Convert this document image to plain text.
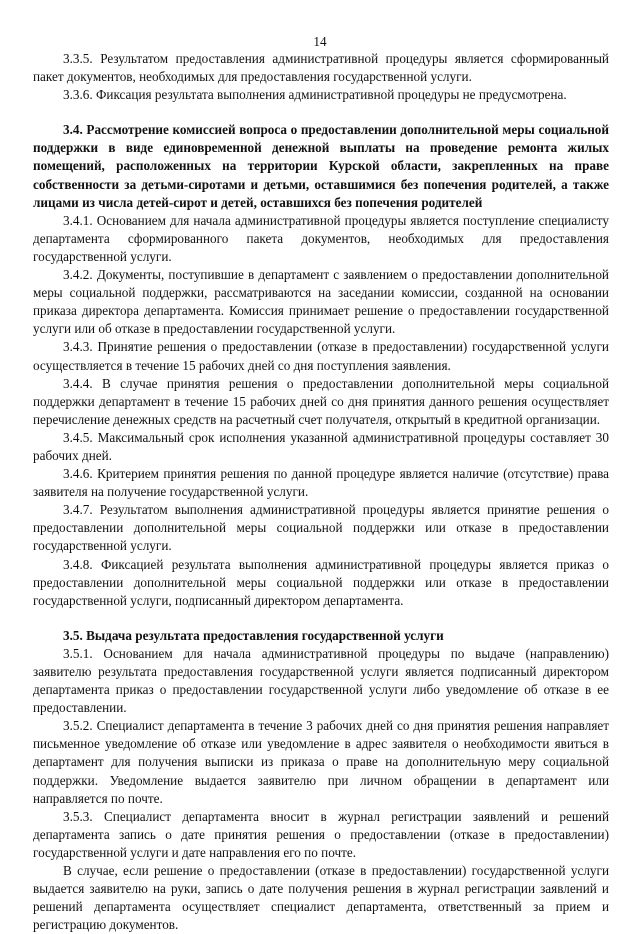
14

3.3.5. Результатом предоставления административной процедуры является сформированный пакет документов, необходимых для предоставления государственной услуги.

3.3.6. Фиксация результата выполнения административной процедуры не предусмотрена.

3.4. Рассмотрение комиссией вопроса о предоставлении дополнительной меры социальной поддержки в виде единовременной денежной выплаты на проведение ремонта жилых помещений, расположенных на территории Курской области, закрепленных на праве собственности за детьми-сиротами и детьми, оставшимися без попечения родителей, а также лицами из числа детей-сирот и детей, оставшихся без попечения родителей

3.4.1. Основанием для начала административной процедуры является поступление специалисту департамента сформированного пакета документов, необходимых для предоставления государственной услуги.

3.4.2. Документы, поступившие в департамент с заявлением о предоставлении дополнительной меры социальной поддержки, рассматриваются на заседании комиссии, созданной на основании приказа директора департамента. Комиссия принимает решение о предоставлении государственной услуги или об отказе в предоставлении государственной услуги.

3.4.3. Принятие решения о предоставлении (отказе в предоставлении) государственной услуги осуществляется в течение 15 рабочих дней со дня поступления заявления.

3.4.4. В случае принятия решения о предоставлении дополнительной меры социальной поддержки департамент в течение 15 рабочих дней со дня принятия данного решения осуществляет перечисление денежных средств на расчетный счет получателя, открытый в кредитной организации.

3.4.5. Максимальный срок исполнения указанной административной процедуры составляет 30 рабочих дней.

3.4.6. Критерием принятия решения по данной процедуре является наличие (отсутствие) права заявителя на получение государственной услуги.

3.4.7. Результатом выполнения административной процедуры является принятие решения о предоставлении дополнительной меры социальной поддержки или отказе в предоставлении государственной услуги.

3.4.8. Фиксацией результата выполнения административной процедуры является приказ о предоставлении дополнительной меры социальной поддержки или отказе в предоставлении государственной услуги, подписанный директором департамента.

3.5. Выдача результата предоставления государственной услуги

3.5.1. Основанием для начала административной процедуры по выдаче (направлению) заявителю результата предоставления государственной услуги является подписанный директором департамента приказ о предоставлении государственной услуги либо уведомление об отказе в ее предоставлении.

3.5.2. Специалист департамента в течение 3 рабочих дней со дня принятия решения направляет письменное уведомление об отказе или уведомление в адрес заявителя о необходимости явиться в департамент для получения выписки из приказа о праве на дополнительную меру социальной поддержки. Уведомление выдается заявителю при личном обращении в департамент или направляется по почте.

3.5.3. Специалист департамента вносит в журнал регистрации заявлений и решений департамента запись о дате принятия решения о предоставлении (отказе в предоставлении) государственной услуги и дате направления его по почте.

В случае, если решение о предоставлении (отказе в предоставлении) государственной услуги выдается заявителю на руки, запись о дате получения решения в журнал регистрации заявлений и решений департамента осуществляет специалист департамента, ответственный за прием и регистрацию документов.
